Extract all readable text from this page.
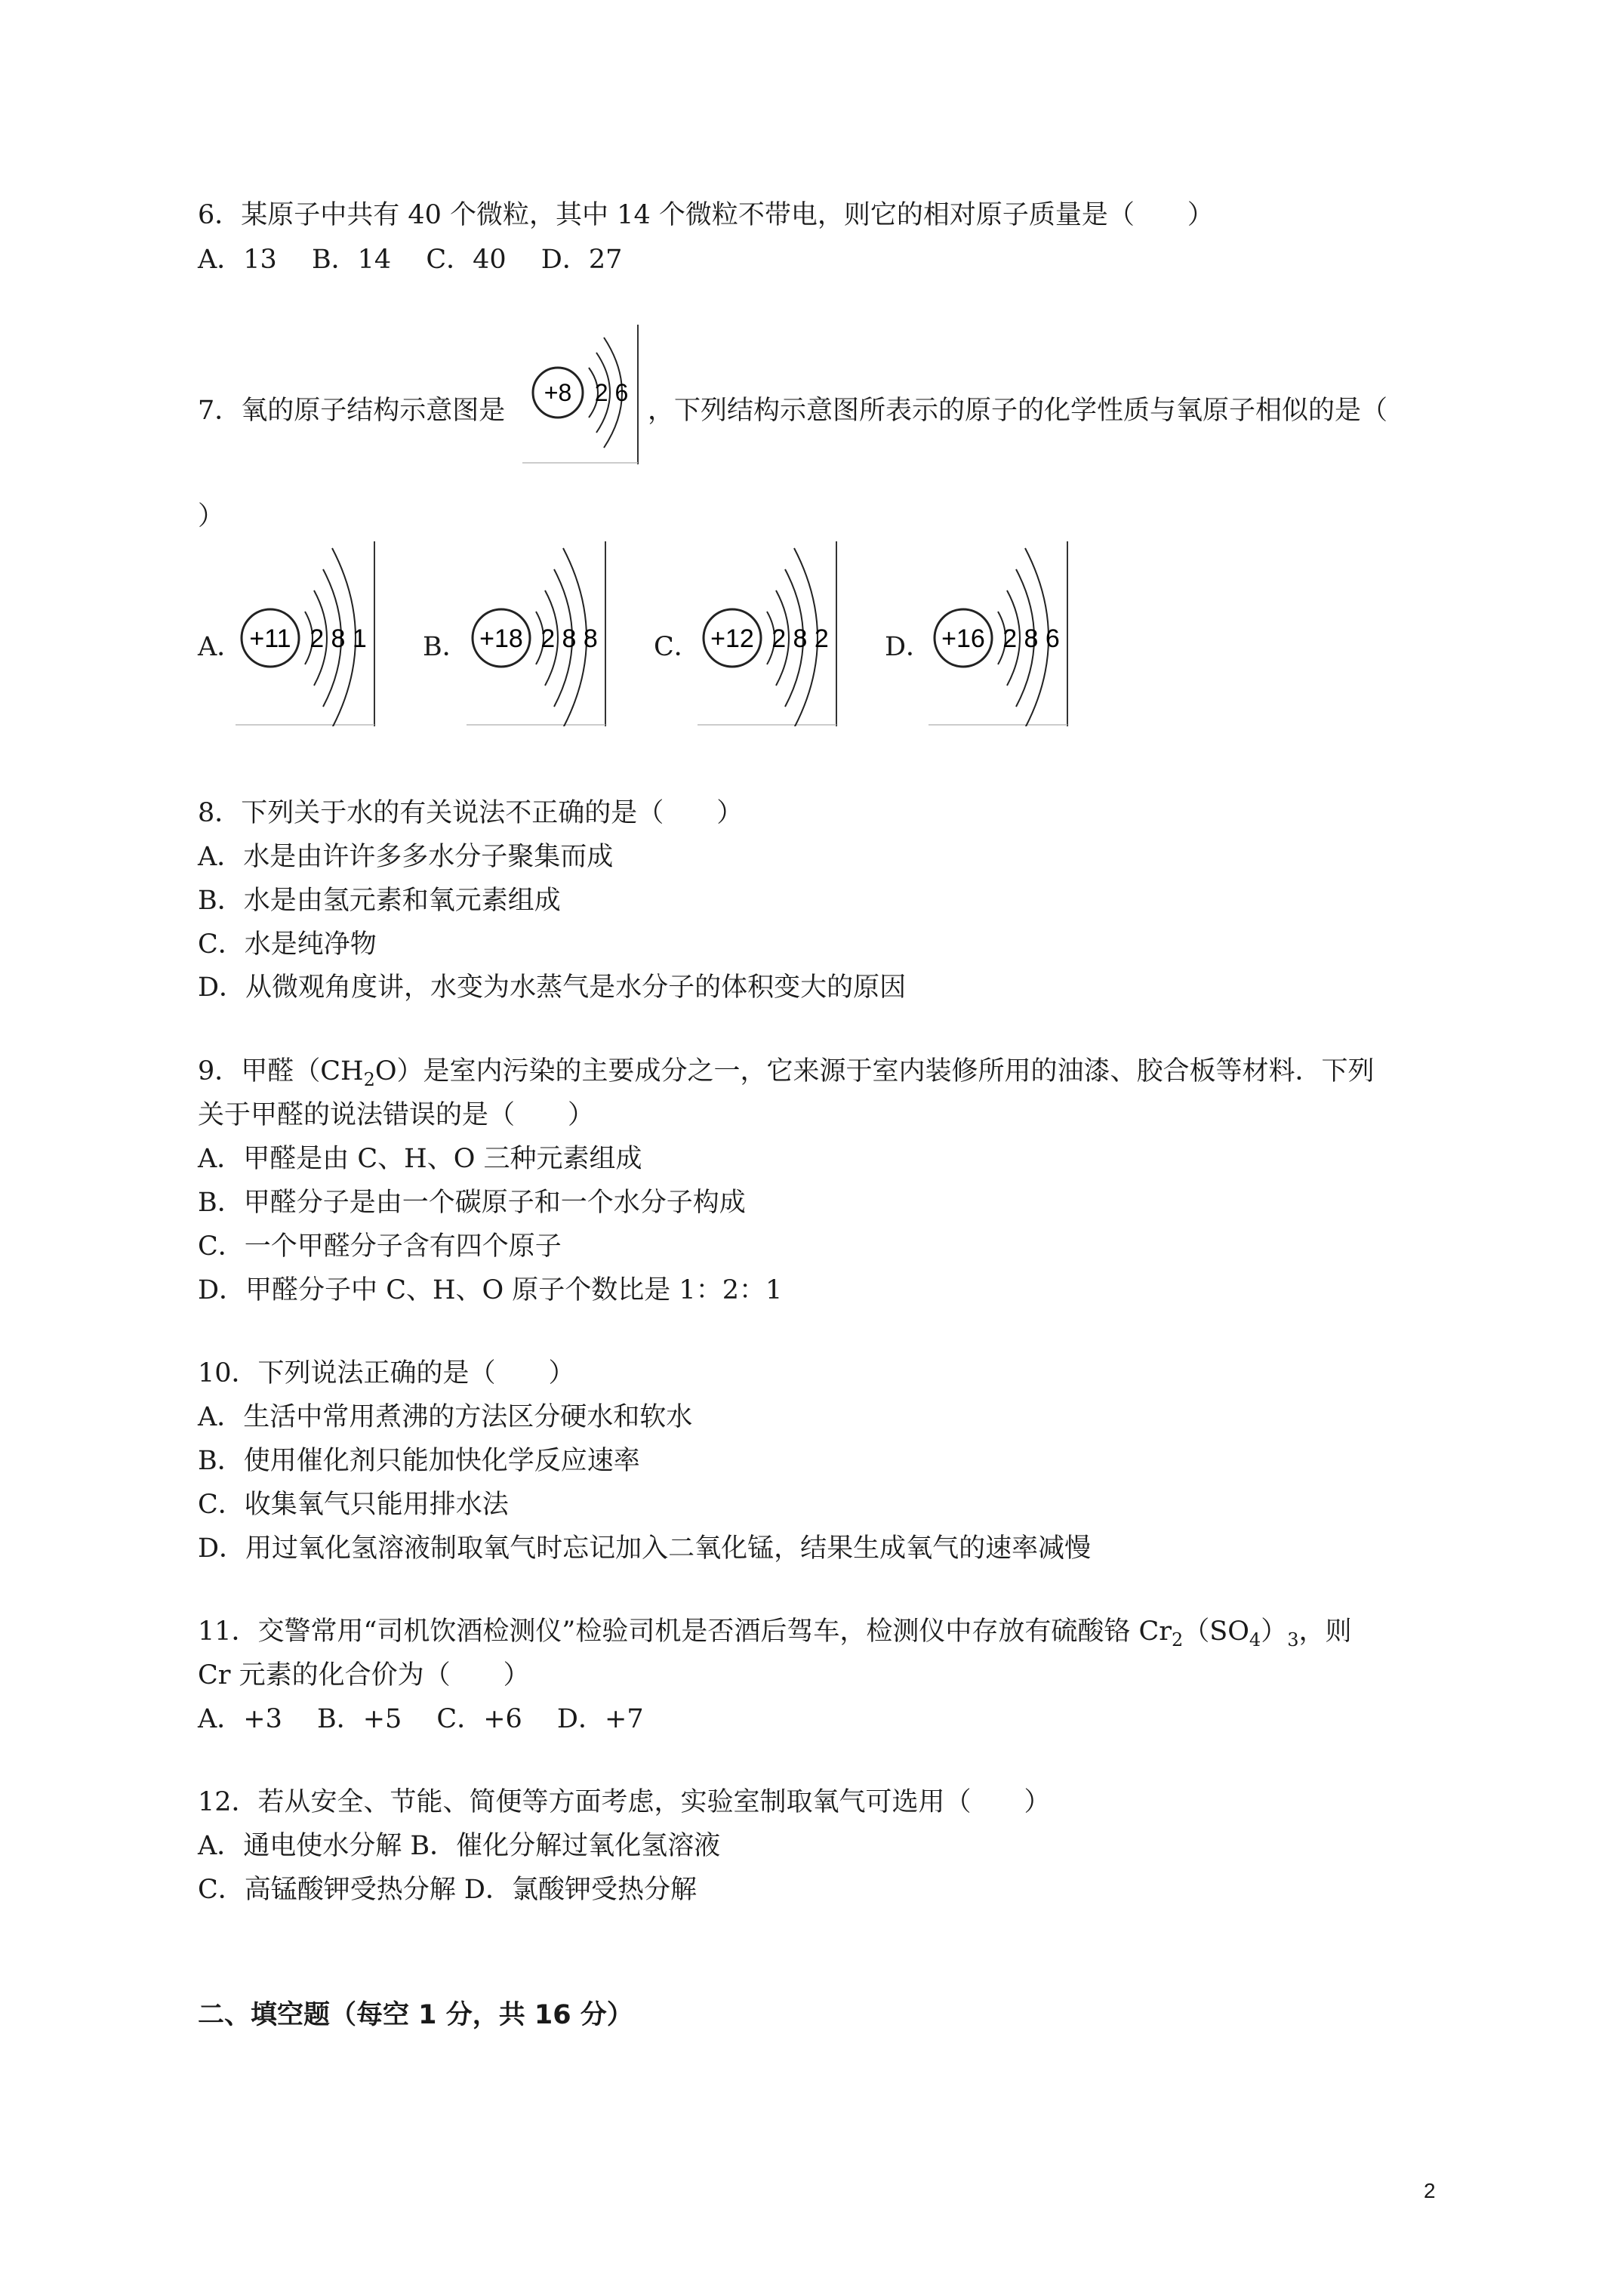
6．某原子中共有 40 个微粒，其中 14 个微粒不带电，则它的相对原子质量是（　　）
A．13　 B．14　 C．40　 D．27
7．氧的原子结构示意图是
+8 2 6
，下列结构示意图所表示的原子的化学性质与氧原子相似的是（
）
A． +11 2 8 1 B． +18 2 8 8 C． +12 2 8 2 D． +16 2 8 6
8．下列关于水的有关说法不正确的是（　　）
A．水是由许许多多水分子聚集而成
B．水是由氢元素和氧元素组成
C．水是纯净物
D．从微观角度讲，水变为水蒸气是水分子的体积变大的原因
9．甲醛$(CH_2O)$是室内污染的主要成分之一，它来源于室内装修所用的油漆、胶合板等材料．下列
关于甲醛的说法错误的是（　　）
A．甲醛是由 C、H、O 三种元素组成
B．甲醛分子是由一个碳原子和一个水分子构成
C．一个甲醛分子含有四个原子
D．甲醛分子中 C、H、O 原子个数比是 1：2：1
10．下列说法正确的是（　　）
A．生活中常用煮沸的方法区分硬水和软水
B．使用催化剂只能加快化学反应速率
C．收集氧气只能用排水法
D．用过氧化氢溶液制取氧气时忘记加入二氧化锰，结果生成氧气的速率减慢
11．交警常用“司机饮酒检测仪”检验司机是否酒后驾车，检测仪中存放有硫酸铬 $Cr_2(SO_4)_3$，则
Cr 元素的化合价为（　　）
A．+3　 B．+5　 C．+6　 D．+7
12．若从安全、节能、简便等方面考虑，实验室制取氧气可选用（　　）
A．通电使水分解 B．催化分解过氧化氢溶液
C．高锰酸钾受热分解 D．氯酸钾受热分解
二、填空题（每空 1 分，共 16 分）
2
